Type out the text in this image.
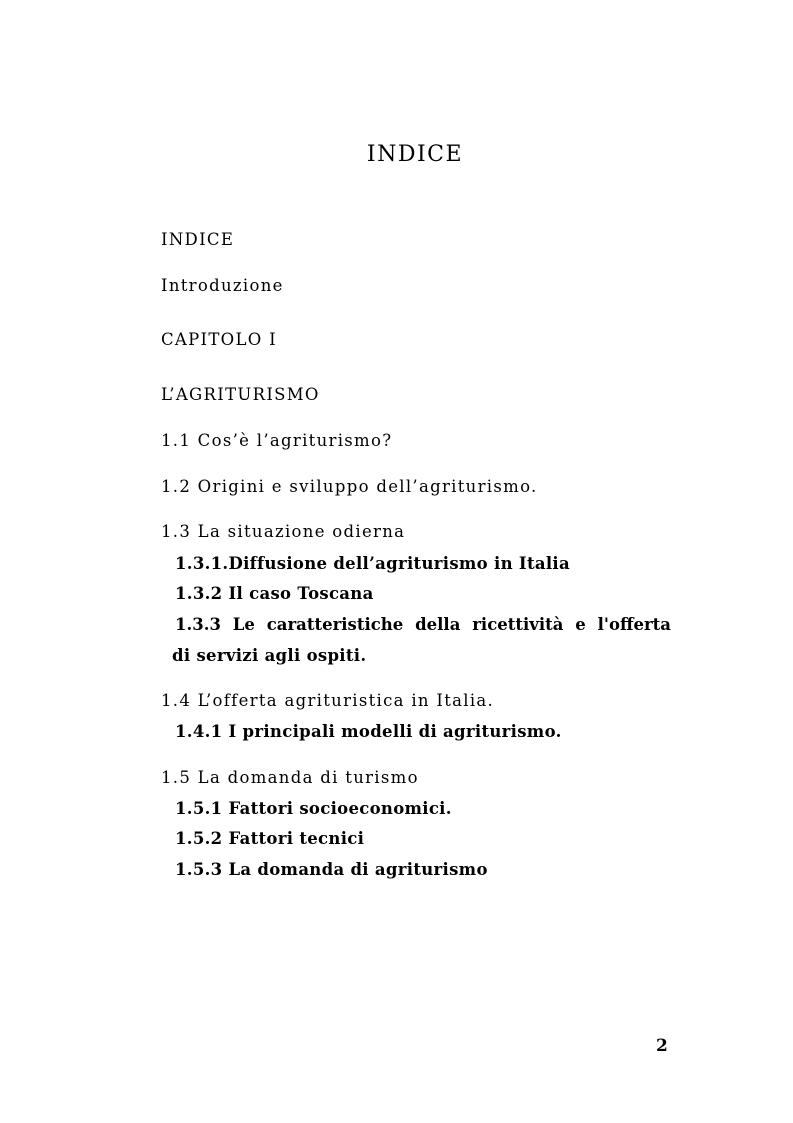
INDICE
INDICE
Introduzione
CAPITOLO I
L’AGRITURISMO
1.1 Cos’è l’agriturismo?
1.2 Origini e sviluppo dell’agriturismo.
1.3 La situazione odierna
1.3.1.Diffusione dell’agriturismo in Italia
1.3.2 Il caso Toscana
1.3.3 Le caratteristiche della ricettività e l'offerta
di servizi agli ospiti.
1.4 L’offerta agrituristica in Italia.
1.4.1 I principali modelli di agriturismo.
1.5 La domanda di turismo
1.5.1 Fattori socioeconomici.
1.5.2 Fattori tecnici
1.5.3 La domanda di agriturismo
2
